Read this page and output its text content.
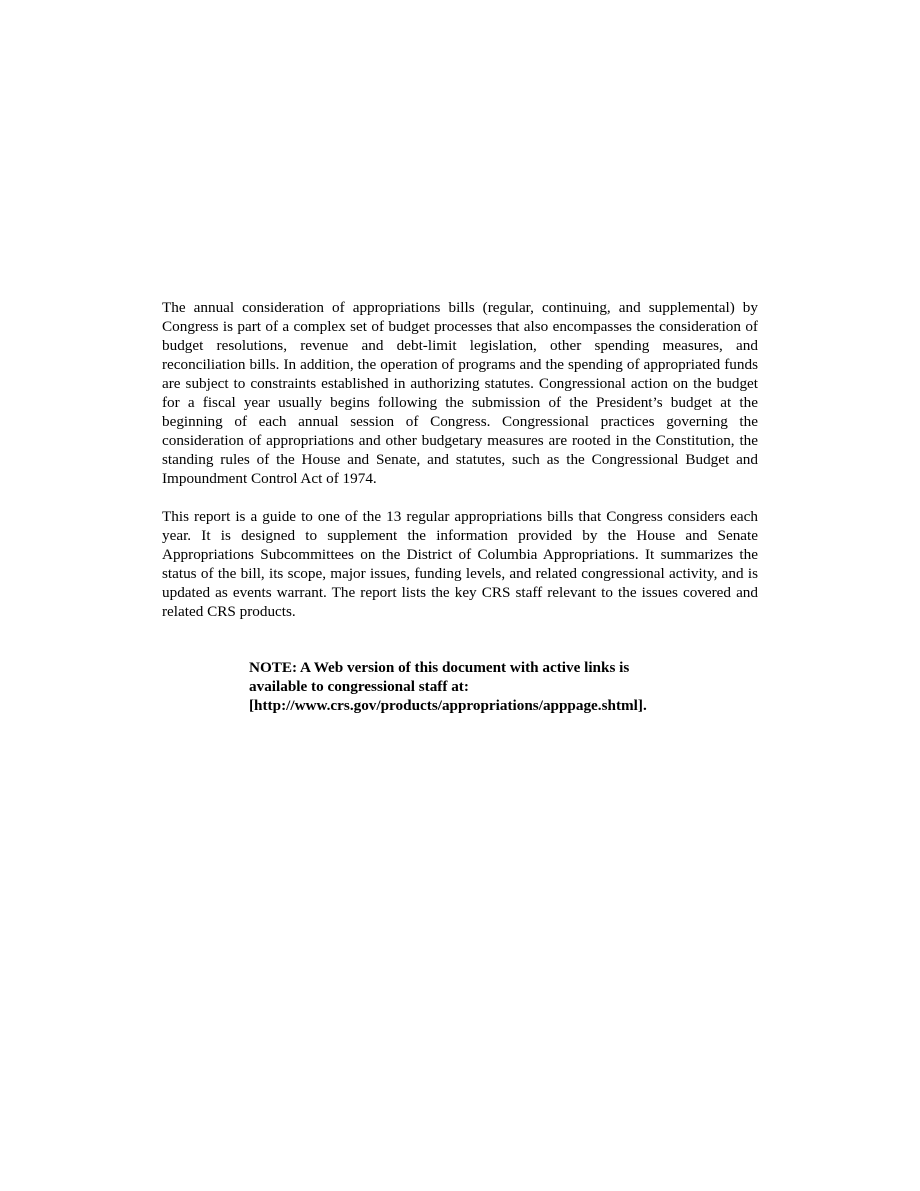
The annual consideration of appropriations bills (regular, continuing, and supplemental) by Congress is part of a complex set of budget processes that also encompasses the consideration of budget resolutions, revenue and debt-limit legislation, other spending measures, and reconciliation bills. In addition, the operation of programs and the spending of appropriated funds are subject to constraints established in authorizing statutes. Congressional action on the budget for a fiscal year usually begins following the submission of the President’s budget at the beginning of each annual session of Congress. Congressional practices governing the consideration of appropriations and other budgetary measures are rooted in the Constitution, the standing rules of the House and Senate, and statutes, such as the Congressional Budget and Impoundment Control Act of 1974.

This report is a guide to one of the 13 regular appropriations bills that Congress considers each year. It is designed to supplement the information provided by the House and Senate Appropriations Subcommittees on the District of Columbia Appropriations. It summarizes the status of the bill, its scope, major issues, funding levels, and related congressional activity, and is updated as events warrant. The report lists the key CRS staff relevant to the issues covered and related CRS products.

NOTE: A Web version of this document with active links is
available to congressional staff at:
[http://www.crs.gov/products/appropriations/apppage.shtml].
